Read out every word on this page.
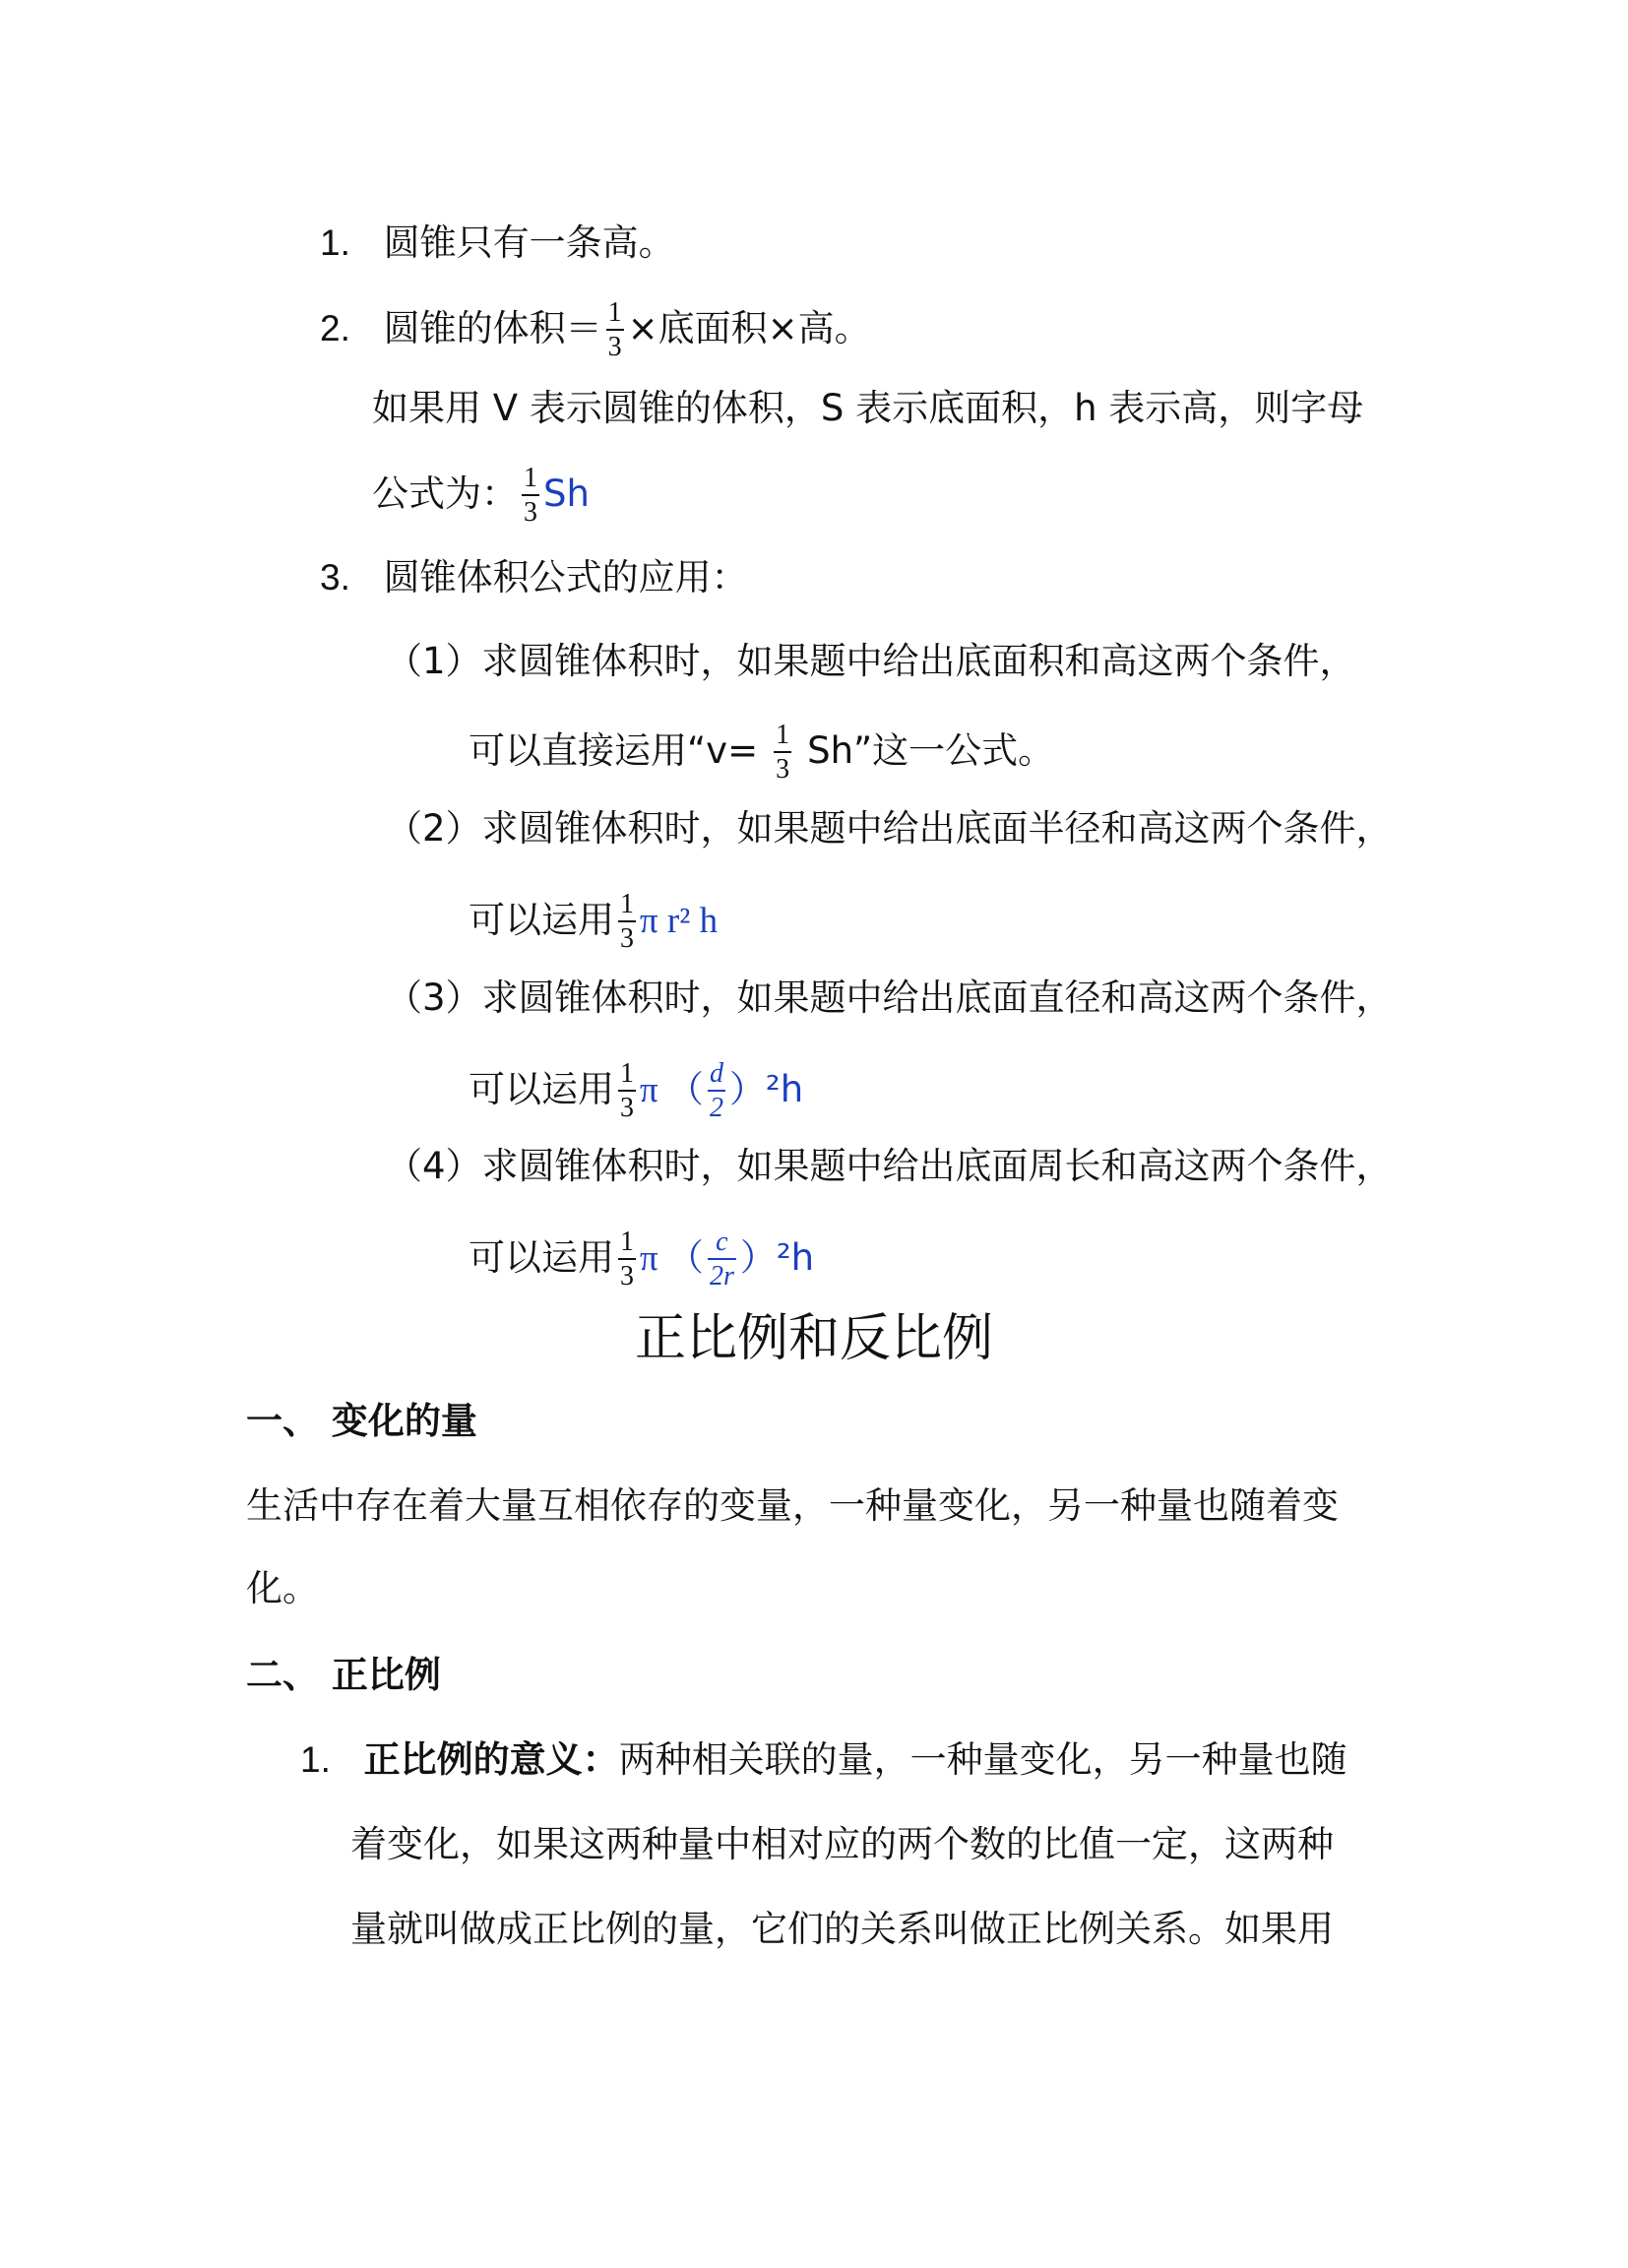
1. 圆锥只有一条高。
2. 圆锥的体积＝ $\frac{1}{3}$ ×底面积×高。
如果用 V 表示圆锥的体积，S 表示底面积，h 表示高，则字母
公式为： $\frac{1}{3}$ Sh
3. 圆锥体积公式的应用：
（1）求圆锥体积时，如果题中给出底面积和高这两个条件，
可以直接运用“$v= \frac{1}{3} Sh$”这一公式。
（2）求圆锥体积时，如果题中给出底面半径和高这两个条件，
可以运用 $\frac{1}{3}$ π r² h
（3）求圆锥体积时，如果题中给出底面直径和高这两个条件，
可以运用 $\frac{1}{3}$ π （ $\frac{d}{2} )^2h$
（4）求圆锥体积时，如果题中给出底面周长和高这两个条件，
可以运用 $\frac{1}{3}$ π （ $\frac{c}{2r} )^2h$
正比例和反比例
一、 变化的量
生活中存在着大量互相依存的变量，一种量变化，另一种量也随着变
化。
二、 正比例
1. 正比例的意义：两种相关联的量，一种量变化，另一种量也随
着变化，如果这两种量中相对应的两个数的比值一定，这两种
量就叫做成正比例的量，它们的关系叫做正比例关系。如果用
